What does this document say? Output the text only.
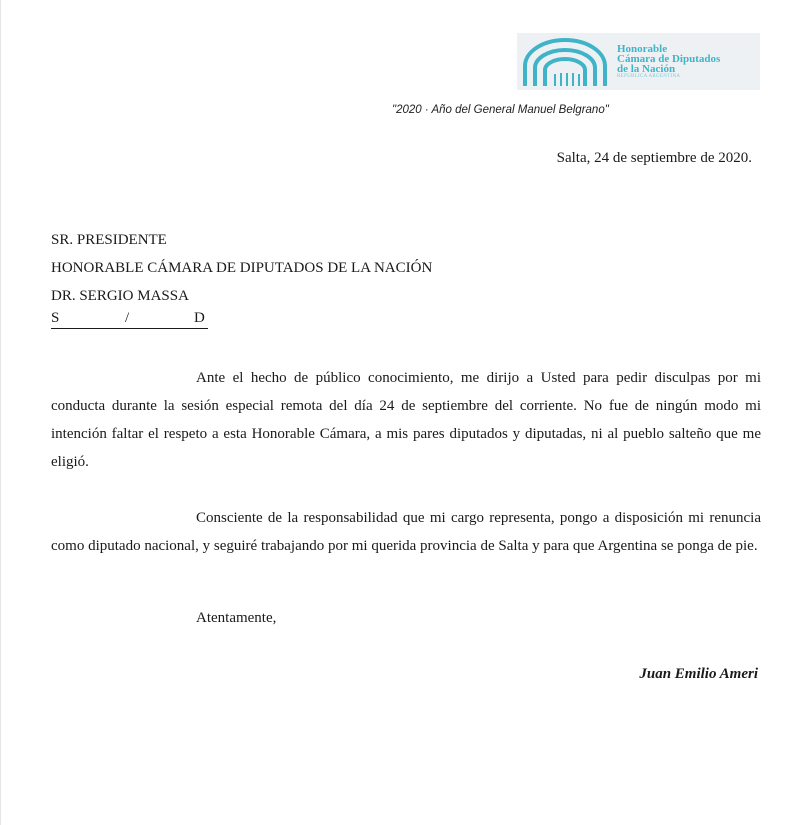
Honorable
Cámara de Diputados
de la Nación
REPÚBLICA ARGENTINA
"2020 · Año del General Manuel Belgrano"
Salta, 24 de septiembre de 2020.
SR. PRESIDENTE
HONORABLE CÁMARA DE DIPUTADOS DE LA NACIÓN
DR. SERGIO MASSA
S	/	D

Ante el hecho de público conocimiento, me dirijo a Usted para pedir disculpas por mi conducta durante la sesión especial remota del día 24 de septiembre del corriente. No fue de ningún modo mi intención faltar el respeto a esta Honorable Cámara, a mis pares diputados y diputadas, ni al pueblo salteño que me eligió.

Consciente de la responsabilidad que mi cargo representa, pongo a disposición mi renuncia como diputado nacional, y seguiré trabajando por mi querida provincia de Salta y para que Argentina se ponga de pie.

Atentamente,
Juan Emilio Ameri
